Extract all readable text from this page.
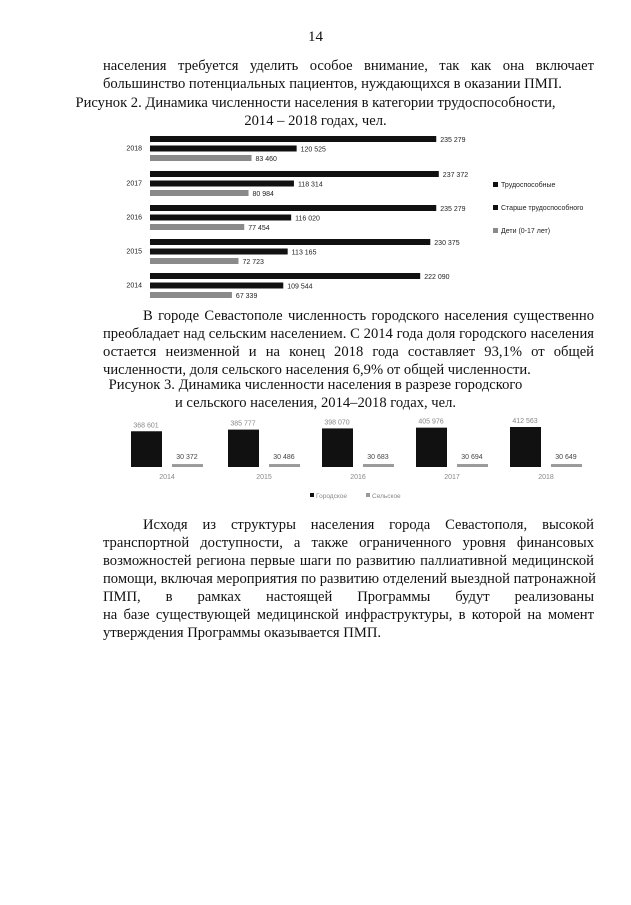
14
населения требуется уделить особое внимание, так как она включает
большинство потенциальных пациентов, нуждающихся в оказании ПМП.
Рисунок 2. Динамика численности населения в категории трудоспособности,
2014 – 2018 годах, чел.
2018
235 279
120 525
83 460
2017
237 372
118 314
80 984
2016
235 279
116 020
77 454
2015
230 375
113 165
72 723
2014
222 090
109 544
67 339
Трудоспособные
Старше трудоспособного
Дети (0-17 лет)
В городе Севастополе численность городского населения существенно
преобладает над сельским населением. С 2014 года доля городского населения
остается неизменной и на конец 2018 года составляет 93,1% от общей
численности, доля сельского населения 6,9% от общей численности.
Рисунок 3. Динамика численности населения в разрезе городского
и сельского населения, 2014–2018 годах, чел.
368 601
30 372
2014
385 777
30 486
2015
398 070
30 683
2016
405 976
30 694
2017
412 563
30 649
2018
Городское	Сельское
Исходя из структуры населения города Севастополя, высокой
транспортной доступности, а также ограниченного уровня финансовых
возможностей региона первые шаги по развитию паллиативной медицинской
помощи, включая мероприятия по развитию отделений выездной патронажной
ПМП, в рамках настоящей Программы будут реализованы
на базе существующей медицинской инфраструктуры, в которой на момент
утверждения Программы оказывается ПМП.
